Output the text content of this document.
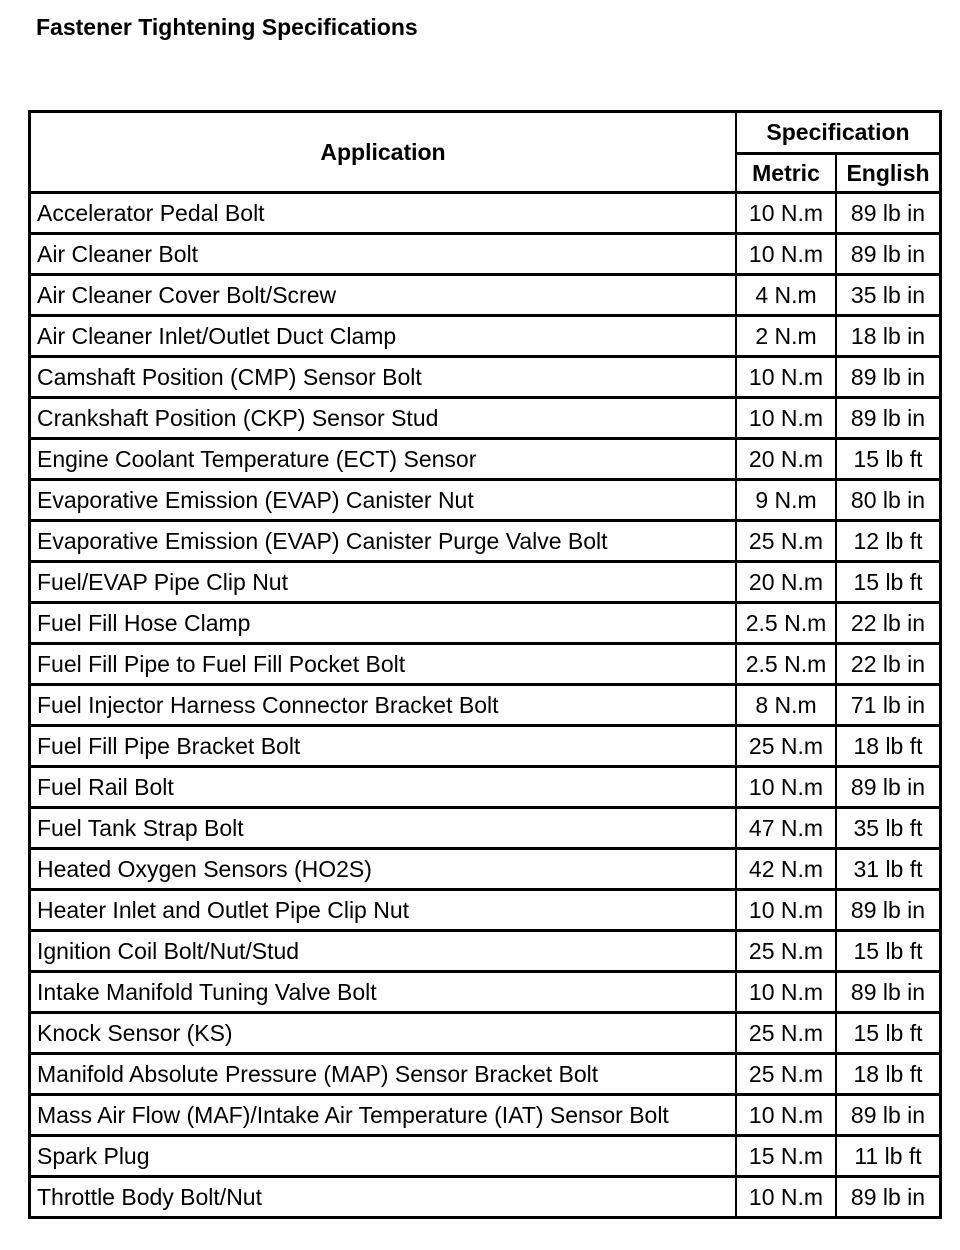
Fastener Tightening Specifications
Application	Specification	
	Metric	English
Accelerator Pedal Bolt	10 N.m	89 lb in
Air Cleaner Bolt	10 N.m	89 lb in
Air Cleaner Cover Bolt/Screw	4 N.m	35 lb in
Air Cleaner Inlet/Outlet Duct Clamp	2 N.m	18 lb in
Camshaft Position (CMP) Sensor Bolt	10 N.m	89 lb in
Crankshaft Position (CKP) Sensor Stud	10 N.m	89 lb in
Engine Coolant Temperature (ECT) Sensor	20 N.m	15 lb ft
Evaporative Emission (EVAP) Canister Nut	9 N.m	80 lb in
Evaporative Emission (EVAP) Canister Purge Valve Bolt	25 N.m	12 lb ft
Fuel/EVAP Pipe Clip Nut	20 N.m	15 lb ft
Fuel Fill Hose Clamp	2.5 N.m	22 lb in
Fuel Fill Pipe to Fuel Fill Pocket Bolt	2.5 N.m	22 lb in
Fuel Injector Harness Connector Bracket Bolt	8 N.m	71 lb in
Fuel Fill Pipe Bracket Bolt	25 N.m	18 lb ft
Fuel Rail Bolt	10 N.m	89 lb in
Fuel Tank Strap Bolt	47 N.m	35 lb ft
Heated Oxygen Sensors (HO2S)	42 N.m	31 lb ft
Heater Inlet and Outlet Pipe Clip Nut	10 N.m	89 lb in
Ignition Coil Bolt/Nut/Stud	25 N.m	15 lb ft
Intake Manifold Tuning Valve Bolt	10 N.m	89 lb in
Knock Sensor (KS)	25 N.m	15 lb ft
Manifold Absolute Pressure (MAP) Sensor Bracket Bolt	25 N.m	18 lb ft
Mass Air Flow (MAF)/Intake Air Temperature (IAT) Sensor Bolt	10 N.m	89 lb in
Spark Plug	15 N.m	11 lb ft
Throttle Body Bolt/Nut	10 N.m	89 lb in
